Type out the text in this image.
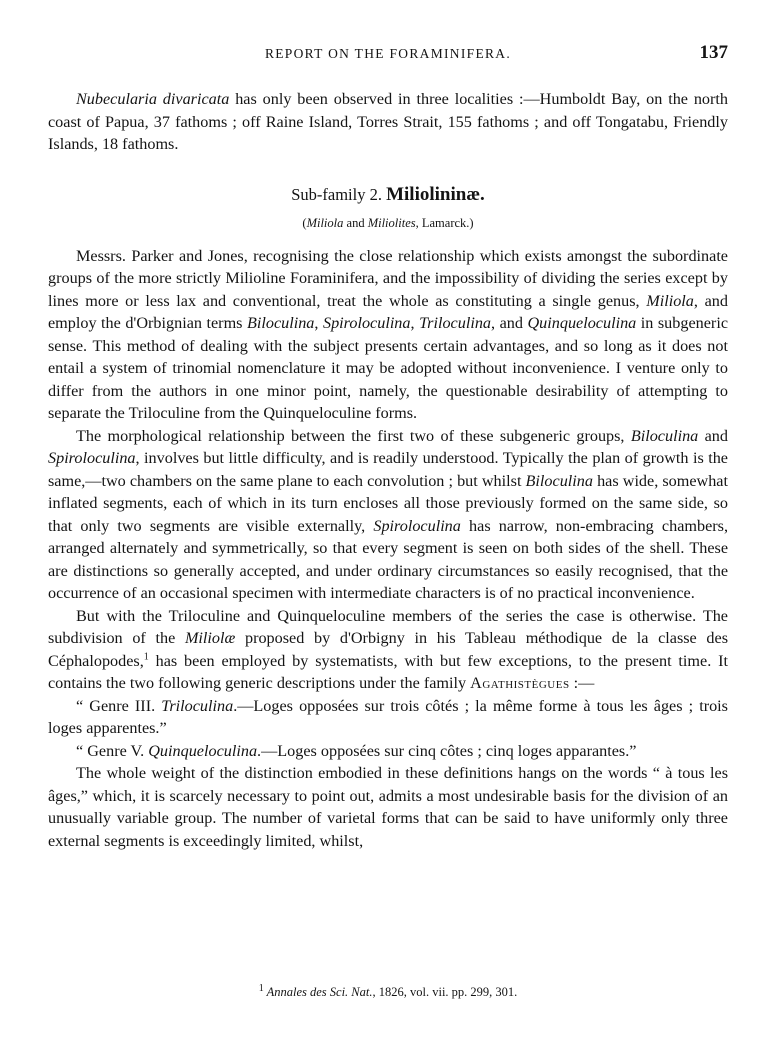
REPORT ON THE FORAMINIFERA.	137

Nubecularia divaricata has only been observed in three localities :—Humboldt Bay, on the north coast of Papua, 37 fathoms ; off Raine Island, Torres Strait, 155 fathoms ; and off Tongatabu, Friendly Islands, 18 fathoms.

Sub-family 2. Miliolininæ.
(Miliola and Miliolites, Lamarck.)

Messrs. Parker and Jones, recognising the close relationship which exists amongst the subordinate groups of the more strictly Milioline Foraminifera, and the impossibility of dividing the series except by lines more or less lax and conventional, treat the whole as constituting a single genus, Miliola, and employ the d'Orbignian terms Biloculina, Spiroloculina, Triloculina, and Quinqueloculina in subgeneric sense. This method of dealing with the subject presents certain advantages, and so long as it does not entail a system of trinomial nomenclature it may be adopted without inconvenience. I venture only to differ from the authors in one minor point, namely, the questionable desirability of attempting to separate the Triloculine from the Quinqueloculine forms.

The morphological relationship between the first two of these subgeneric groups, Biloculina and Spiroloculina, involves but little difficulty, and is readily understood. Typically the plan of growth is the same,—two chambers on the same plane to each convolution ; but whilst Biloculina has wide, somewhat inflated segments, each of which in its turn encloses all those previously formed on the same side, so that only two segments are visible externally, Spiroloculina has narrow, non-embracing chambers, arranged alternately and symmetrically, so that every segment is seen on both sides of the shell. These are distinctions so generally accepted, and under ordinary circumstances so easily recognised, that the occurrence of an occasional specimen with intermediate characters is of no practical inconvenience.

But with the Triloculine and Quinqueloculine members of the series the case is otherwise. The subdivision of the Miliolæ proposed by d'Orbigny in his Tableau méthodique de la classe des Céphalopodes,$^1$ has been employed by systematists, with but few exceptions, to the present time. It contains the two following generic descriptions under the family Agathistègues :—

“ Genre III. Triloculina.—Loges opposées sur trois côtés ; la même forme à tous les âges ; trois loges apparentes.”

“ Genre V. Quinqueloculina.—Loges opposées sur cinq côtes ; cinq loges apparantes.”

The whole weight of the distinction embodied in these definitions hangs on the words “ à tous les âges,” which, it is scarcely necessary to point out, admits a most undesirable basis for the division of an unusually variable group. The number of varietal forms that can be said to have uniformly only three external segments is exceedingly limited, whilst,

$^1$ Annales des Sci. Nat., 1826, vol. vii. pp. 299, 301.
